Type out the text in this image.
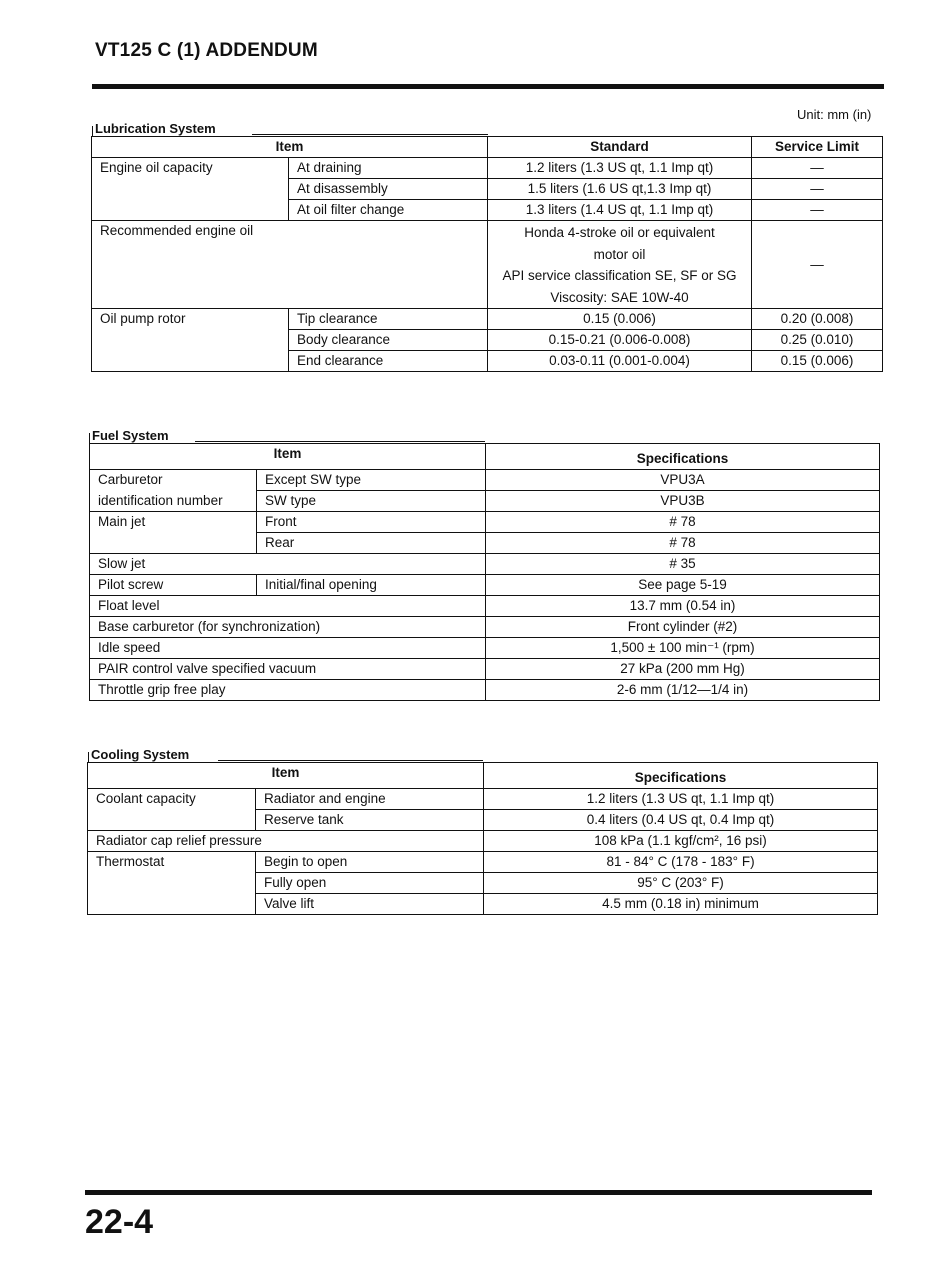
VT125 C (1) ADDENDUM
Unit: mm (in)
Lubrication System
Item		Standard	Service Limit
Engine oil capacity	At draining	1.2 liters (1.3 US qt, 1.1 Imp qt)	—
	At disassembly	1.5 liters (1.6 US qt,1.3 Imp qt)	—
	At oil filter change	1.3 liters (1.4 US qt, 1.1 Imp qt)	—
Recommended engine oil		Honda 4-stroke oil or equivalent
motor oil
API service classification SE, SF or SG
Viscosity: SAE 10W-40	—
Oil pump rotor	Tip clearance	0.15 (0.006)	0.20 (0.008)
	Body clearance	0.15-0.21 (0.006-0.008)	0.25 (0.010)
	End clearance	0.03-0.11 (0.001-0.004)	0.15 (0.006)
Fuel System
Item		Specifications
Carburetor	Except SW type	VPU3A
identification number	SW type	VPU3B
Main jet	Front	# 78
	Rear	# 78
Slow jet		# 35
Pilot screw	Initial/final opening	See page 5-19
Float level		13.7 mm (0.54 in)
Base carburetor (for synchronization)		Front cylinder (#2)
Idle speed		1,500 ± 100 min⁻¹ (rpm)
PAIR control valve specified vacuum		27 kPa (200 mm Hg)
Throttle grip free play		2-6 mm (1/12—1/4 in)
Cooling System
Item		Specifications
Coolant capacity	Radiator and engine	1.2 liters (1.3 US qt, 1.1 Imp qt)
	Reserve tank	0.4 liters (0.4 US qt, 0.4 Imp qt)
Radiator cap relief pressure		108 kPa (1.1 kgf/cm², 16 psi)
Thermostat	Begin to open	81 - 84° C (178 - 183° F)
	Fully open	95° C (203° F)
	Valve lift	4.5 mm (0.18 in) minimum
22-4
